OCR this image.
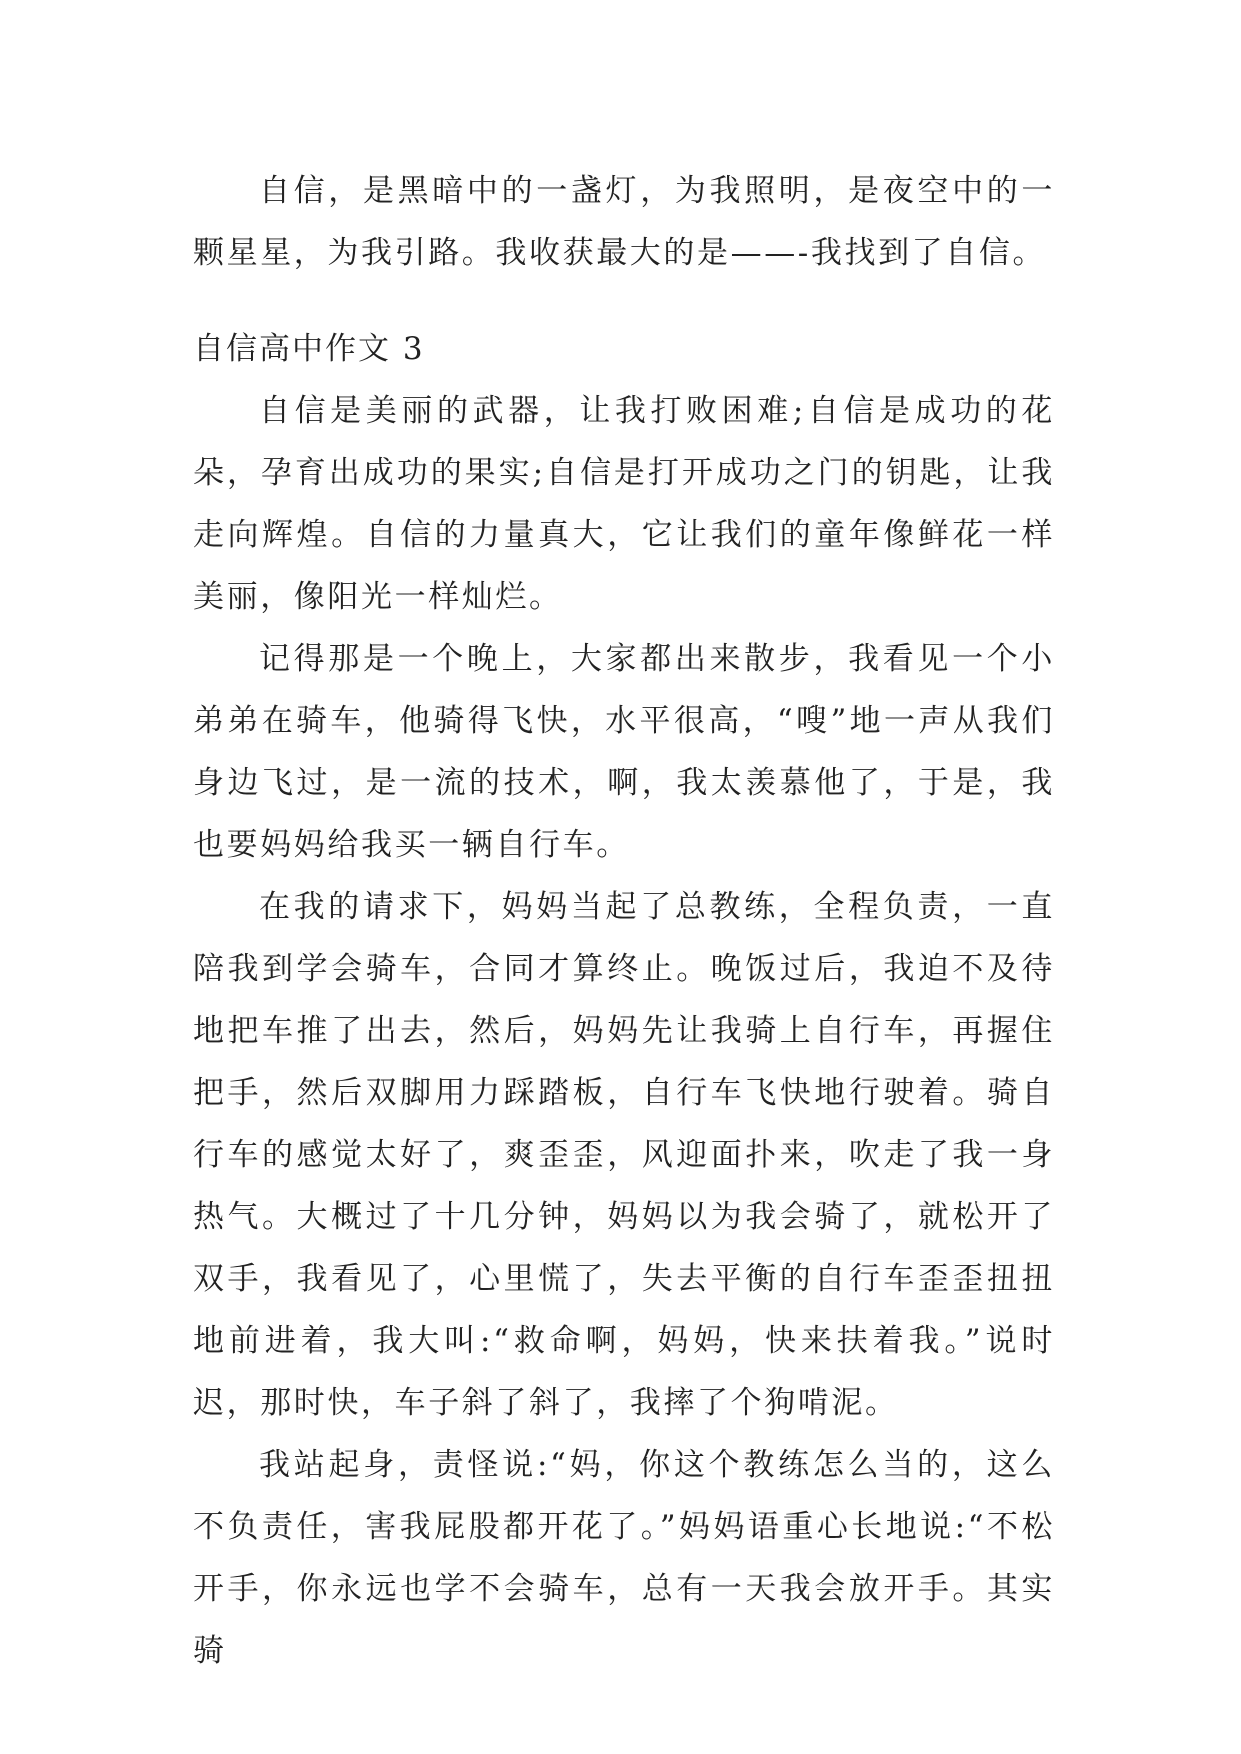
自信，是黑暗中的一盏灯，为我照明，是夜空中的一颗星星，为我引路。我收获最大的是——-我找到了自信。

自信高中作文 3

自信是美丽的武器，让我打败困难;自信是成功的花朵，孕育出成功的果实;自信是打开成功之门的钥匙，让我走向辉煌。自信的力量真大，它让我们的童年像鲜花一样美丽，像阳光一样灿烂。

记得那是一个晚上，大家都出来散步，我看见一个小弟弟在骑车，他骑得飞快，水平很高，“嗖”地一声从我们身边飞过，是一流的技术，啊，我太羡慕他了，于是，我也要妈妈给我买一辆自行车。

在我的请求下，妈妈当起了总教练，全程负责，一直陪我到学会骑车，合同才算终止。晚饭过后，我迫不及待地把车推了出去，然后，妈妈先让我骑上自行车，再握住把手，然后双脚用力踩踏板，自行车飞快地行驶着。骑自行车的感觉太好了，爽歪歪，风迎面扑来，吹走了我一身热气。大概过了十几分钟，妈妈以为我会骑了，就松开了双手，我看见了，心里慌了，失去平衡的自行车歪歪扭扭地前进着，我大叫:“救命啊，妈妈，快来扶着我。”说时迟，那时快，车子斜了斜了，我摔了个狗啃泥。

我站起身，责怪说:“妈，你这个教练怎么当的，这么不负责任，害我屁股都开花了。”妈妈语重心长地说:“不松开手，你永远也学不会骑车，总有一天我会放开手。其实骑
